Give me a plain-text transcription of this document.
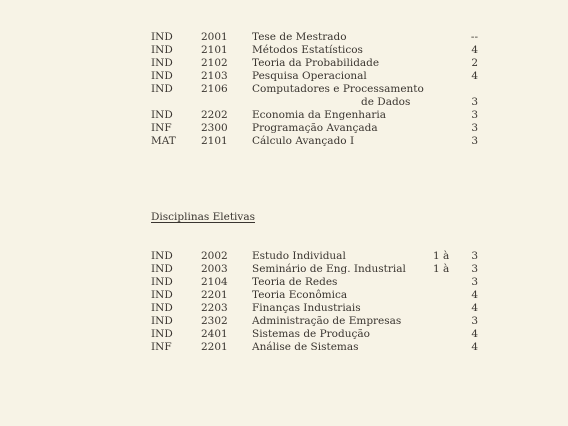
IND	2001 Tese de Mestrado	--
IND	2101 Métodos Estatísticos	4
IND	2102 Teoria da Probabilidade	2
IND	2103 Pesquisa Operacional	4
IND	2106 Computadores e Processamento
de Dados	3
IND	2202 Economia da Engenharia	3
INF	2300 Programação Avançada	3
MAT 2101 Cálculo Avançado I	3
Disciplinas Eletivas
IND	2002 Estudo Individual	1 à	3
IND	2003 Seminário de Eng. Industrial	1 à	3
IND	2104 Teoria de Redes	3
IND	2201 Teoria Econômica	4
IND	2203 Finanças Industriais	4
IND	2302 Administração de Empresas	3
IND	2401 Sistemas de Produção	4
INF	2201 Análise de Sistemas	4
